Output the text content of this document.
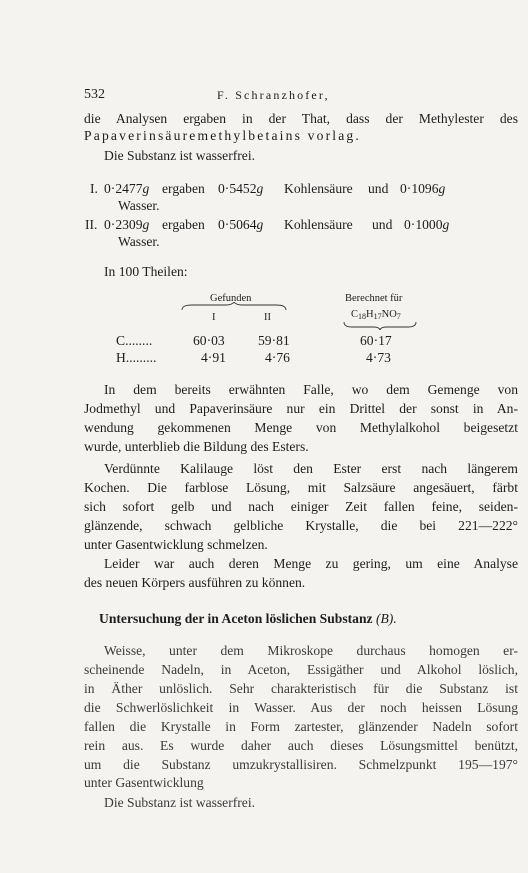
532	F. Schranzhofer,
die Analysen ergaben in der That, dass der Methylester des
Papaverinsäuremethylbetains vorlag.
Die Substanz ist wasserfrei.
I. 0·2477g ergaben 0·5452g Kohlensäure und 0·1096g
Wasser.
II. 0·2309g ergaben 0·5064g Kohlensäure und 0·1000g
Wasser.
In 100 Theilen:
Gefunden	Berechnet für
I	II	$C_{18}H_{17}NO_7$
C........	60·03 59·81	60·17
H.........	4·91	4·76	4·73
In dem bereits erwähnten Falle, wo dem Gemenge von
Jodmethyl und Papaverinsäure nur ein Drittel der sonst in An-
wendung gekommenen Menge von Methylalkohol beigesetzt
wurde, unterblieb die Bildung des Esters.
Verdünnte Kalilauge löst den Ester erst nach längerem
Kochen. Die farblose Lösung, mit Salzsäure angesäuert, färbt
sich sofort gelb und nach einiger Zeit fallen feine, seiden-
glänzende, schwach gelbliche Krystalle, die bei 221—222°
unter Gasentwicklung schmelzen.
Leider war auch deren Menge zu gering, um eine Analyse
des neuen Körpers ausführen zu können.
Untersuchung der in Aceton löslichen Substanz (B).
Weisse, unter dem Mikroskope durchaus homogen er-
scheinende Nadeln, in Aceton, Essigäther und Alkohol löslich,
in Äther unlöslich. Sehr charakteristisch für die Substanz ist
die Schwerlöslichkeit in Wasser. Aus der noch heissen Lösung
fallen die Krystalle in Form zartester, glänzender Nadeln sofort
rein aus. Es wurde daher auch dieses Lösungsmittel benützt,
um die Substanz umzukrystallisiren. Schmelzpunkt 195—197°
unter Gasentwicklung
Die Substanz ist wasserfrei.
